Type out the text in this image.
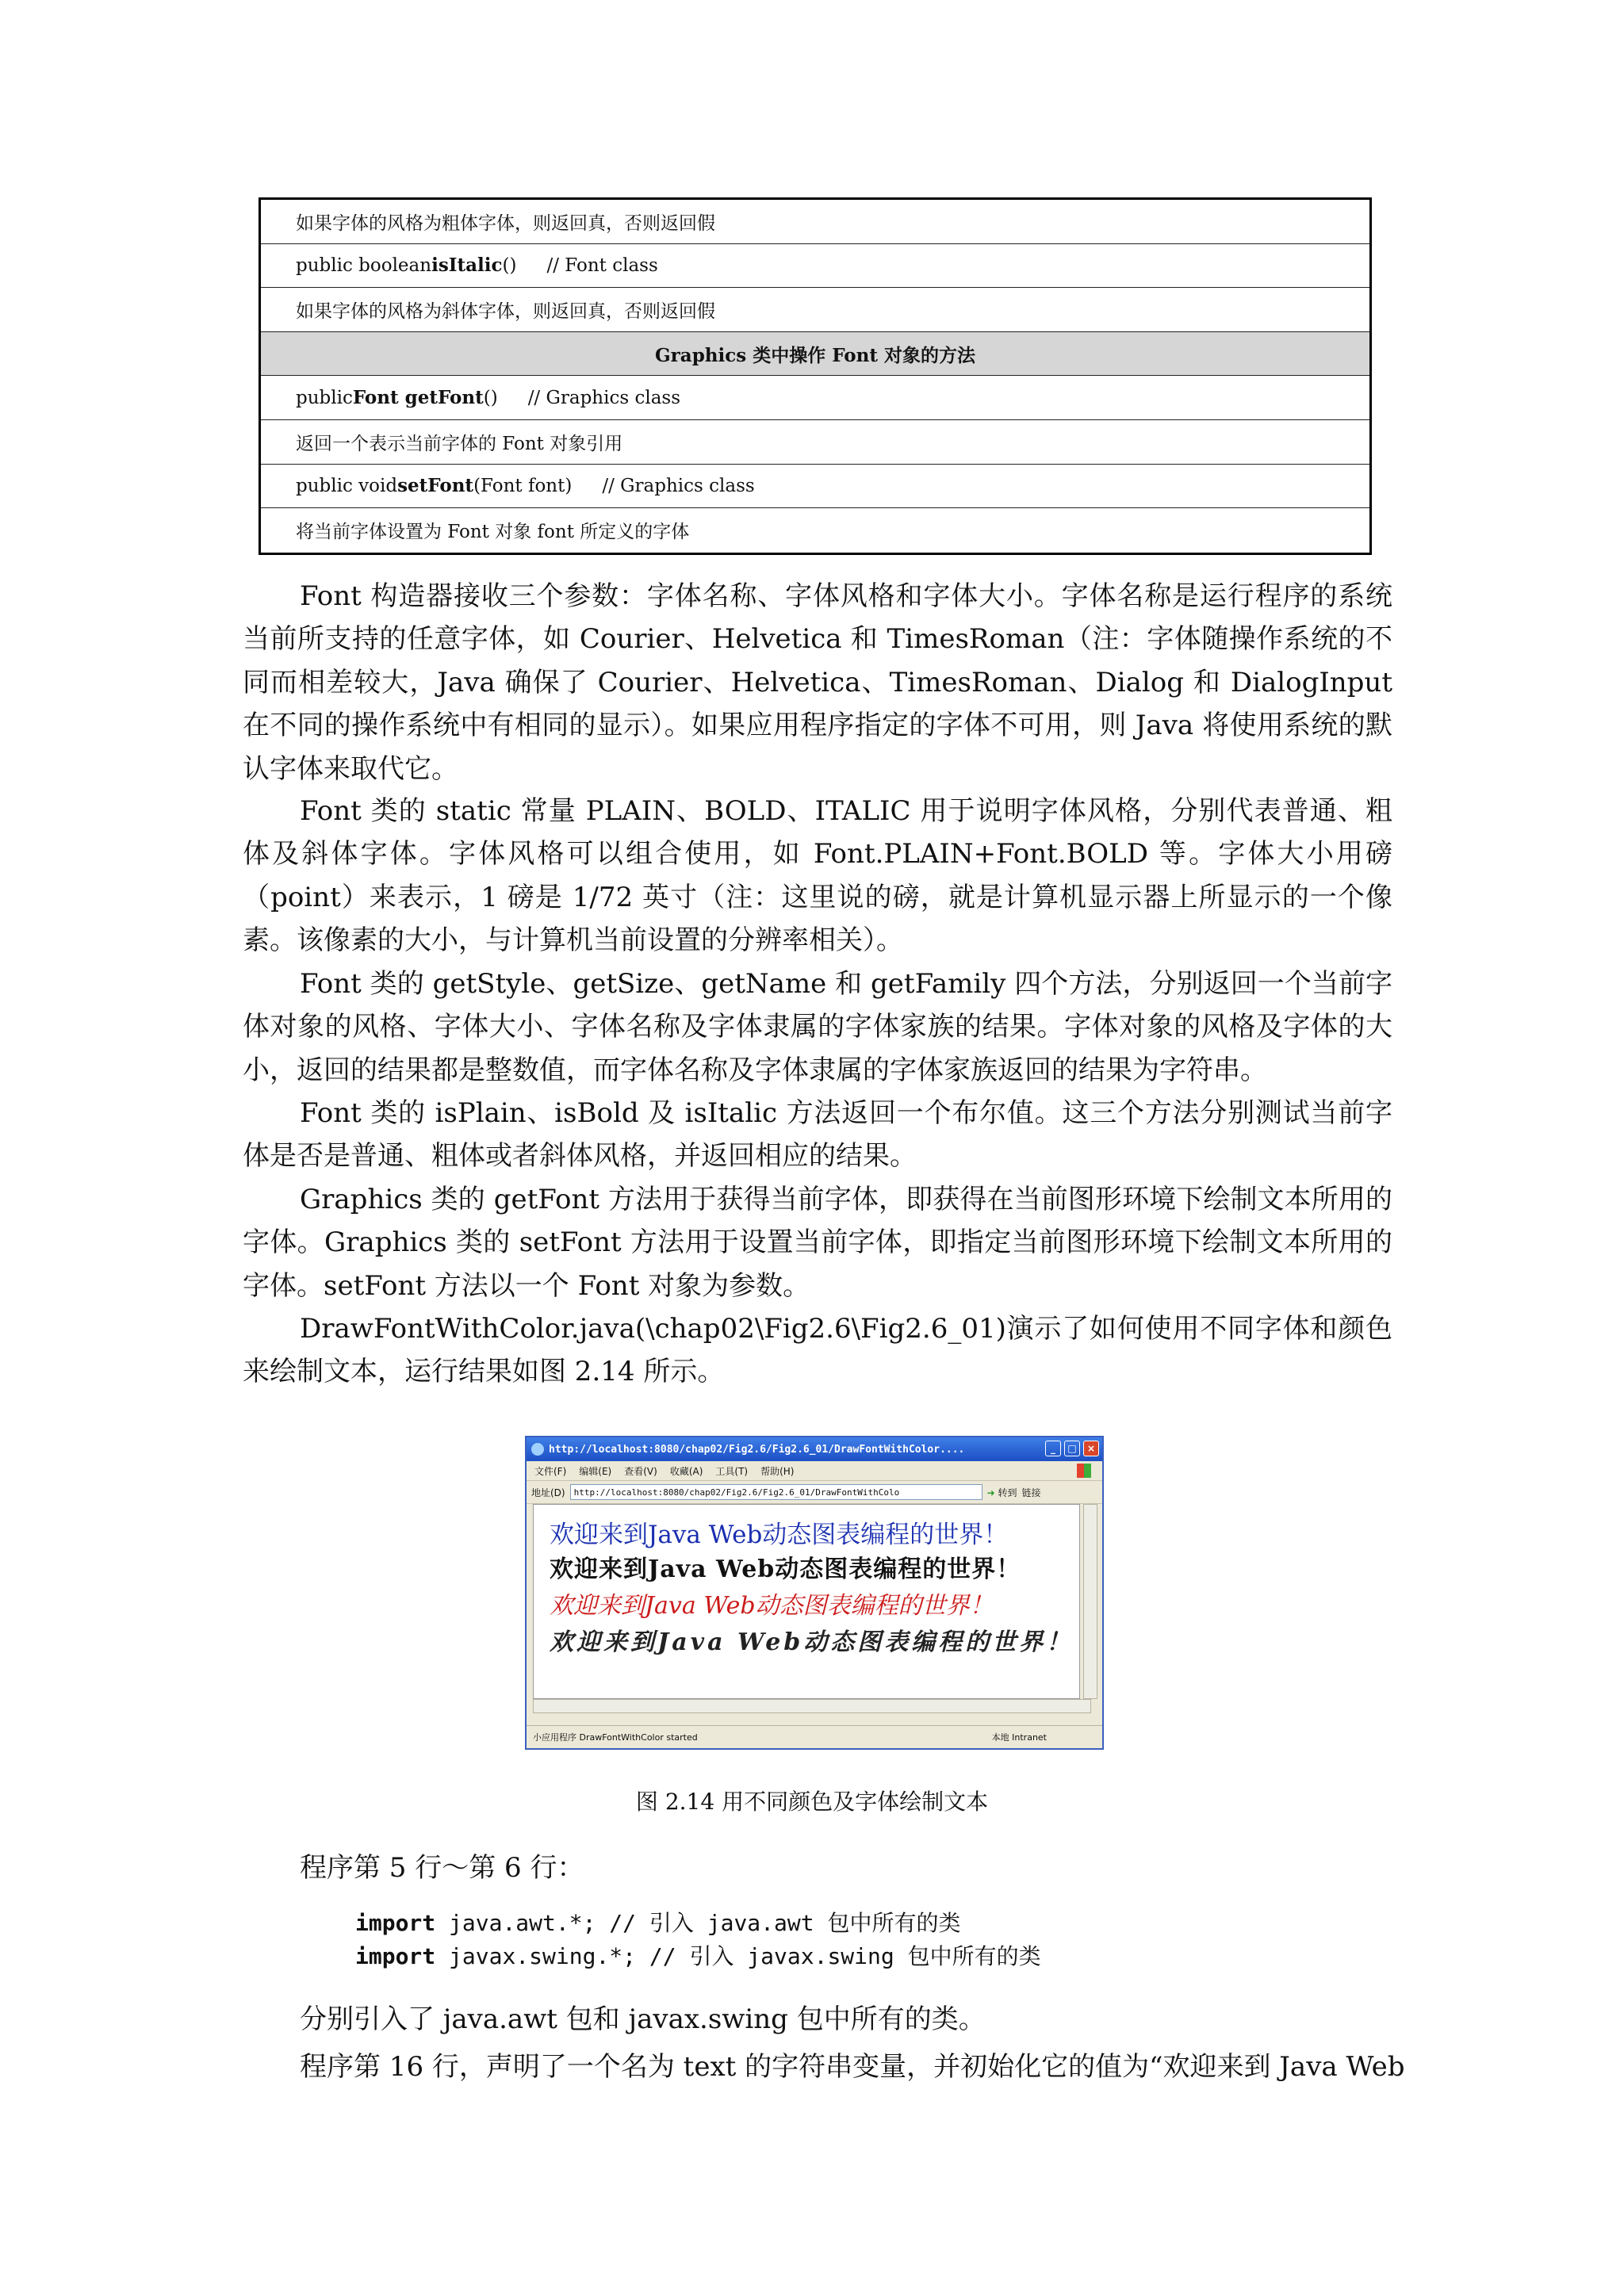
如果字体的风格为粗体字体，则返回真，否则返回假
public boolean isItalic () // Font class
如果字体的风格为斜体字体，则返回真，否则返回假
Graphics 类中操作 Font 对象的方法
public Font getFont () // Graphics class
返回一个表示当前字体的 Font 对象引用
public void setFont (Font font) // Graphics class
将当前字体设置为 Font 对象 font 所定义的字体

Font 构造器接收三个参数：字体名称、字体风格和字体大小。字体名称是运行程序的系统当前所支持的任意字体，如 Courier、Helvetica 和 TimesRoman（注：字体随操作系统的不同而相差较大，Java 确保了 Courier、Helvetica、TimesRoman、Dialog 和 DialogInput 在不同的操作系统中有相同的显示）。如果应用程序指定的字体不可用，则 Java 将使用系统的默认字体来取代它。

Font 类的 static 常量 PLAIN、BOLD、ITALIC 用于说明字体风格，分别代表普通、粗体及斜体字体。字体风格可以组合使用，如 Font.PLAIN+Font.BOLD 等。字体大小用磅（point）来表示，1 磅是 1/72 英寸（注：这里说的磅，就是计算机显示器上所显示的一个像素。该像素的大小，与计算机当前设置的分辨率相关）。

Font 类的 getStyle、getSize、getName 和 getFamily 四个方法，分别返回一个当前字体对象的风格、字体大小、字体名称及字体隶属的字体家族的结果。字体对象的风格及字体的大小，返回的结果都是整数值，而字体名称及字体隶属的字体家族返回的结果为字符串。

Font 类的 isPlain、isBold 及 isItalic 方法返回一个布尔值。这三个方法分别测试当前字体是否是普通、粗体或者斜体风格，并返回相应的结果。

Graphics 类的 getFont 方法用于获得当前字体，即获得在当前图形环境下绘制文本所用的字体。Graphics 类的 setFont 方法用于设置当前字体，即指定当前图形环境下绘制文本所用的字体。setFont 方法以一个 Font 对象为参数。

DrawFontWithColor.java(\chap02\Fig2.6\Fig2.6_01)演示了如何使用不同字体和颜色来绘制文本，运行结果如图 2.14 所示。

http://localhost:8080/chap02/Fig2.6/Fig2.6_01/DrawFontWithColor....	_	□	×
文件(F) 编辑(E) 查看(V) 收藏(A) 工具(T) 帮助(H)
地址(D)	http://localhost:8080/chap02/Fig2.6/Fig2.6_01/DrawFontWithColo	➜ 转到 链接
欢迎来到Java Web动态图表编程的世界！
欢迎来到Java Web动态图表编程的世界！
欢迎来到Java Web动态图表编程的世界！
欢迎来到Java Web动态图表编程的世界！
小应用程序 DrawFontWithColor started	本地 Intranet
图 2.14 用不同颜色及字体绘制文本
程序第 5 行～第 6 行：
import java.awt.*; // 引入 java.awt 包中所有的类
import javax.swing.*; // 引入 javax.swing 包中所有的类
分别引入了 java.awt 包和 javax.swing 包中所有的类。
程序第 16 行，声明了一个名为 text 的字符串变量，并初始化它的值为“欢迎来到 Java Web
